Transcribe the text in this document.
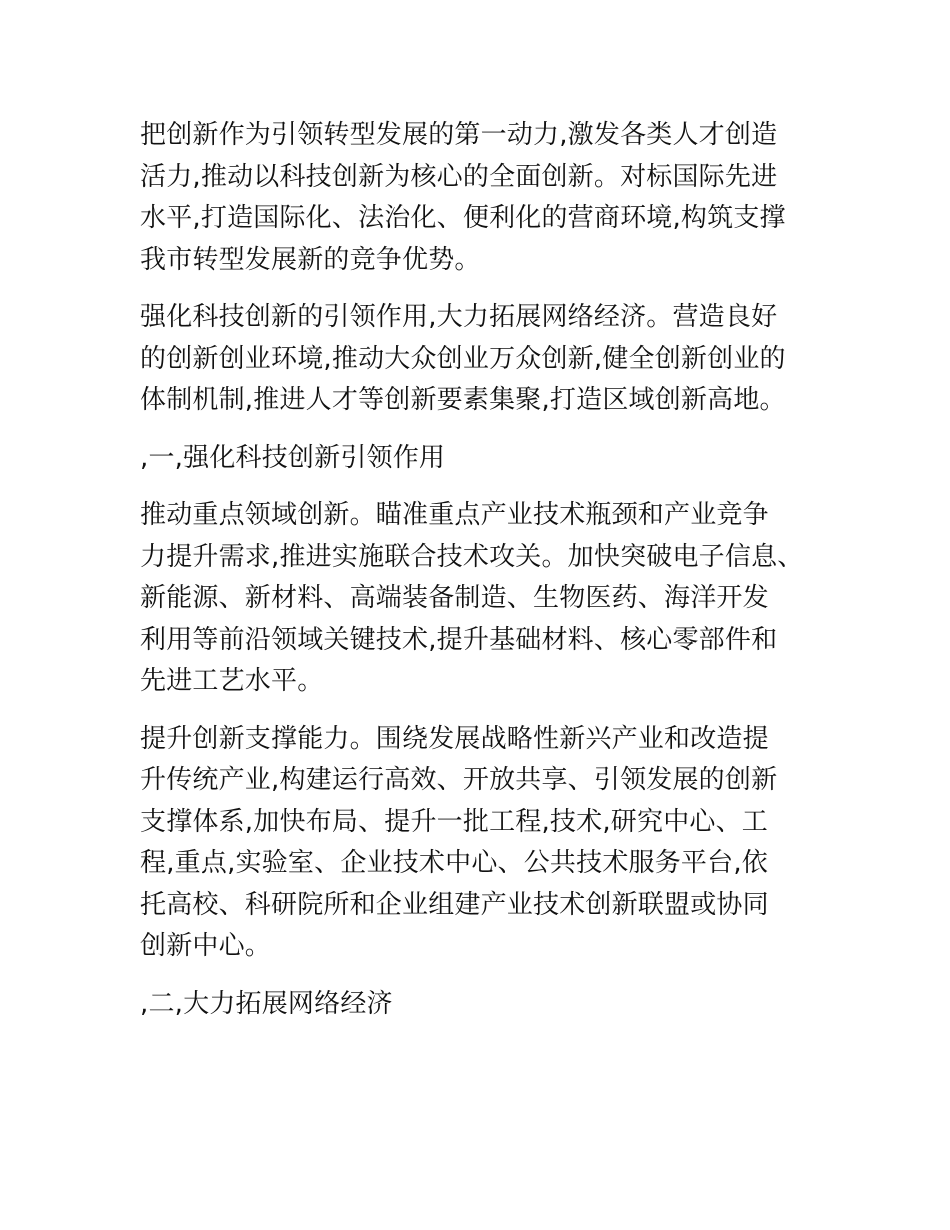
把创新作为引领转型发展的第一动力,激发各类人才创造
活力,推动以科技创新为核心的全面创新。对标国际先进
水平,打造国际化、法治化、便利化的营商环境,构筑支撑
我市转型发展新的竞争优势。

强化科技创新的引领作用,大力拓展网络经济。营造良好
的创新创业环境,推动大众创业万众创新,健全创新创业的
体制机制,推进人才等创新要素集聚,打造区域创新高地。

,一,强化科技创新引领作用

推动重点领域创新。瞄准重点产业技术瓶颈和产业竞争
力提升需求,推进实施联合技术攻关。加快突破电子信息、
新能源、新材料、高端装备制造、生物医药、海洋开发
利用等前沿领域关键技术,提升基础材料、核心零部件和
先进工艺水平。

提升创新支撑能力。围绕发展战略性新兴产业和改造提
升传统产业,构建运行高效、开放共享、引领发展的创新
支撑体系,加快布局、提升一批工程,技术,研究中心、工
程,重点,实验室、企业技术中心、公共技术服务平台,依
托高校、科研院所和企业组建产业技术创新联盟或协同
创新中心。

,二,大力拓展网络经济
